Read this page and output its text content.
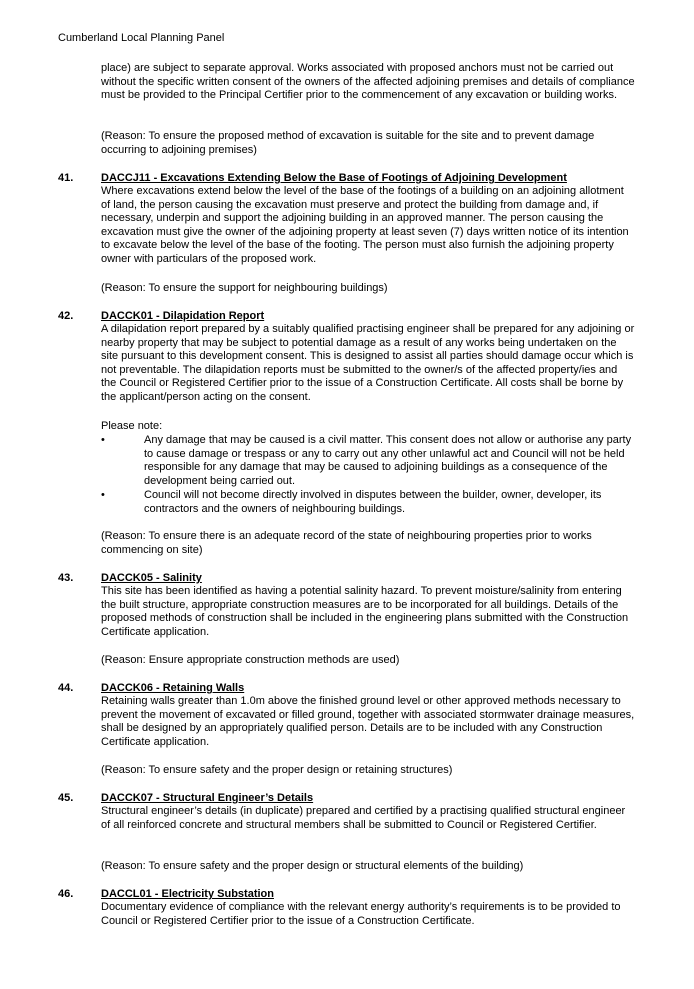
Cumberland Local Planning Panel

place) are subject to separate approval. Works associated with proposed anchors must not be carried out without the specific written consent of the owners of the affected adjoining premises and details of compliance must be provided to the Principal Certifier prior to the commencement of any excavation or building works.

(Reason: To ensure the proposed method of excavation is suitable for the site and to prevent damage occurring to adjoining premises)

41.	DACCJ11 - Excavations Extending Below the Base of Footings of Adjoining Development

Where excavations extend below the level of the base of the footings of a building on an adjoining allotment of land, the person causing the excavation must preserve and protect the building from damage and, if necessary, underpin and support the adjoining building in an approved manner. The person causing the excavation must give the owner of the adjoining property at least seven (7) days written notice of its intention to excavate below the level of the base of the footing. The person must also furnish the adjoining property owner with particulars of the proposed work.

(Reason: To ensure the support for neighbouring buildings)

42.	DACCK01 - Dilapidation Report

A dilapidation report prepared by a suitably qualified practising engineer shall be prepared for any adjoining or nearby property that may be subject to potential damage as a result of any works being undertaken on the site pursuant to this development consent. This is designed to assist all parties should damage occur which is not preventable. The dilapidation reports must be submitted to the owner/s of the affected property/ies and the Council or Registered Certifier prior to the issue of a Construction Certificate. All costs shall be borne by the applicant/person acting on the consent.

Please note:

•	Any damage that may be caused is a civil matter. This consent does not allow or authorise any party to cause damage or trespass or any to carry out any other unlawful act and Council will not be held responsible for any damage that may be caused to adjoining buildings as a consequence of the development being carried out.

•	Council will not become directly involved in disputes between the builder, owner, developer, its contractors and the owners of neighbouring buildings.

(Reason: To ensure there is an adequate record of the state of neighbouring properties prior to works commencing on site)

43.	DACCK05 - Salinity

This site has been identified as having a potential salinity hazard. To prevent moisture/salinity from entering the built structure, appropriate construction measures are to be incorporated for all buildings. Details of the proposed methods of construction shall be included in the engineering plans submitted with the Construction Certificate application.

(Reason: Ensure appropriate construction methods are used)

44.	DACCK06 - Retaining Walls

Retaining walls greater than 1.0m above the finished ground level or other approved methods necessary to prevent the movement of excavated or filled ground, together with associated stormwater drainage measures, shall be designed by an appropriately qualified person. Details are to be included with any Construction Certificate application.

(Reason: To ensure safety and the proper design or retaining structures)

45.	DACCK07 - Structural Engineer’s Details

Structural engineer’s details (in duplicate) prepared and certified by a practising qualified structural engineer of all reinforced concrete and structural members shall be submitted to Council or Registered Certifier.

(Reason: To ensure safety and the proper design or structural elements of the building)

46.	DACCL01 - Electricity Substation

Documentary evidence of compliance with the relevant energy authority’s requirements is to be provided to Council or Registered Certifier prior to the issue of a Construction Certificate.
